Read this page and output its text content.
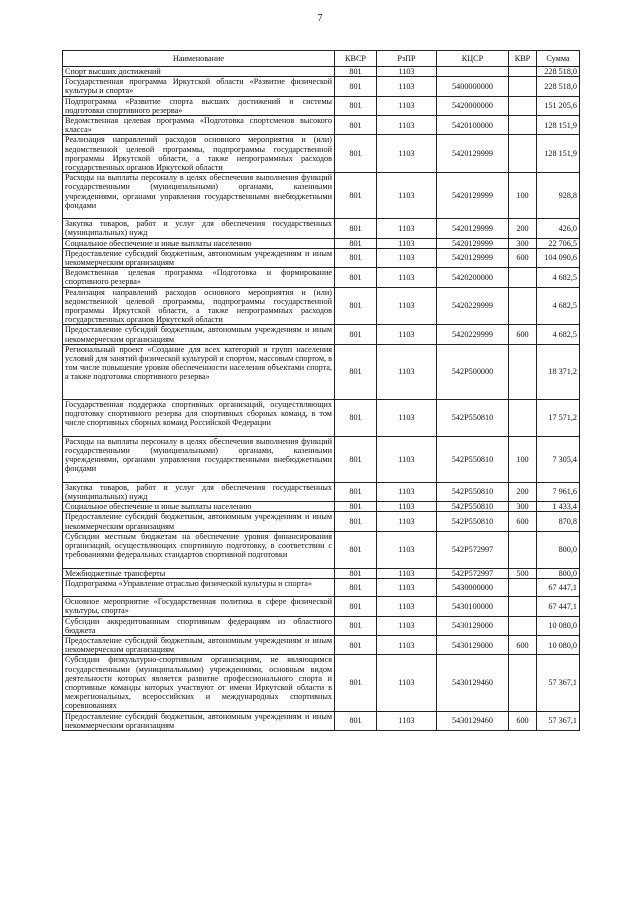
7
Наименование	КВСР	РзПР	КЦСР	КВР	Сумма
Спорт высших достижений	801	1103			228 518,0
Государственная программа Иркутской области «Развитие физической культуры и спорта»	801	1103	5400000000		228 518,0
Подпрограмма «Развитие спорта высших достижений и системы подготовки спортивного резерва»	801	1103	5420000000		151 205,6
Ведомственная целевая программа «Подготовка спортсменов высокого класса»	801	1103	5420100000		128 151,9
Реализация направлений расходов основного мероприятия и (или) ведомственной целевой программы, подпрограммы государственной программы Иркутской области, а также непрограммных расходов государственных органов Иркутской области	801	1103	5420129999		128 151,9
Расходы на выплаты персоналу в целях обеспечения выполнения функций государственными (муниципальными) органами, казенными учреждениями, органами управления государственными внебюджетными фондами	801	1103	5420129999	100	928,8
Закупка товаров, работ и услуг для обеспечения государственных (муниципальных) нужд	801	1103	5420129999	200	426,0
Социальное обеспечение и иные выплаты населению	801	1103	5420129999	300	22 706,5
Предоставление субсидий бюджетным, автономным учреждениям и иным некоммерческим организациям	801	1103	5420129999	600	104 090,6
Ведомственная целевая программа «Подготовка и формирование спортивного резерва»	801	1103	5420200000		4 682,5
Реализация направлений расходов основного мероприятия и (или) ведомственной целевой программы, подпрограммы государственной программы Иркутской области, а также непрограммных расходов государственных органов Иркутской области	801	1103	5420229999		4 682,5
Предоставление субсидий бюджетным, автономным учреждениям и иным некоммерческим организациям	801	1103	5420229999	600	4 682,5
Региональный проект «Создание для всех категорий и групп населения условий для занятий физической культурой и спортом, массовым спортом, в том числе повышение уровня обеспеченности населения объектами спорта, а также подготовка спортивного резерва»	801	1103	542P500000		18 371,2
Государственная поддержка спортивных организаций, осуществляющих подготовку спортивного резерва для спортивных сборных команд, в том числе спортивных сборных команд Российской Федерации	801	1103	542P550810		17 571,2
Расходы на выплаты персоналу в целях обеспечения выполнения функций государственными (муниципальными) органами, казенными учреждениями, органами управления государственными внебюджетными фондами	801	1103	542P550810	100	7 305,4
Закупка товаров, работ и услуг для обеспечения государственных (муниципальных) нужд	801	1103	542P550810	200	7 961,6
Социальное обеспечение и иные выплаты населению	801	1103	542P550810	300	1 433,4
Предоставление субсидий бюджетным, автономным учреждениям и иным некоммерческим организациям	801	1103	542P550810	600	870,8
Субсидии местным бюджетам на обеспечение уровня финансирования организаций, осуществляющих спортивную подготовку, в соответствии с требованиями федеральных стандартов спортивной подготовки	801	1103	542P572997		800,0
Межбюджетные трансферты	801	1103	542P572997	500	800,0
Подпрограмма «Управление отраслью физической культуры и спорта»	801	1103	5430000000		67 447,1
Основное мероприятие «Государственная политика в сфере физической культуры, спорта»	801	1103	5430100000		67 447,1
Субсидии аккредитованным спортивным федерациям из областного бюджета	801	1103	5430129000		10 080,0
Предоставление субсидий бюджетным, автономным учреждениям и иным некоммерческим организациям	801	1103	5430129000	600	10 080,0
Субсидии физкультурно-спортивным организациям, не являющимся государственными (муниципальными) учреждениями, основным видом деятельности которых является развитие профессионального спорта и спортивные команды которых участвуют от имени Иркутской области в межрегиональных, всероссийских и международных спортивных соревнованиях	801	1103	5430129460		57 367,1
Предоставление субсидий бюджетным, автономным учреждениям и иным некоммерческим организациям	801	1103	5430129460	600	57 367,1
